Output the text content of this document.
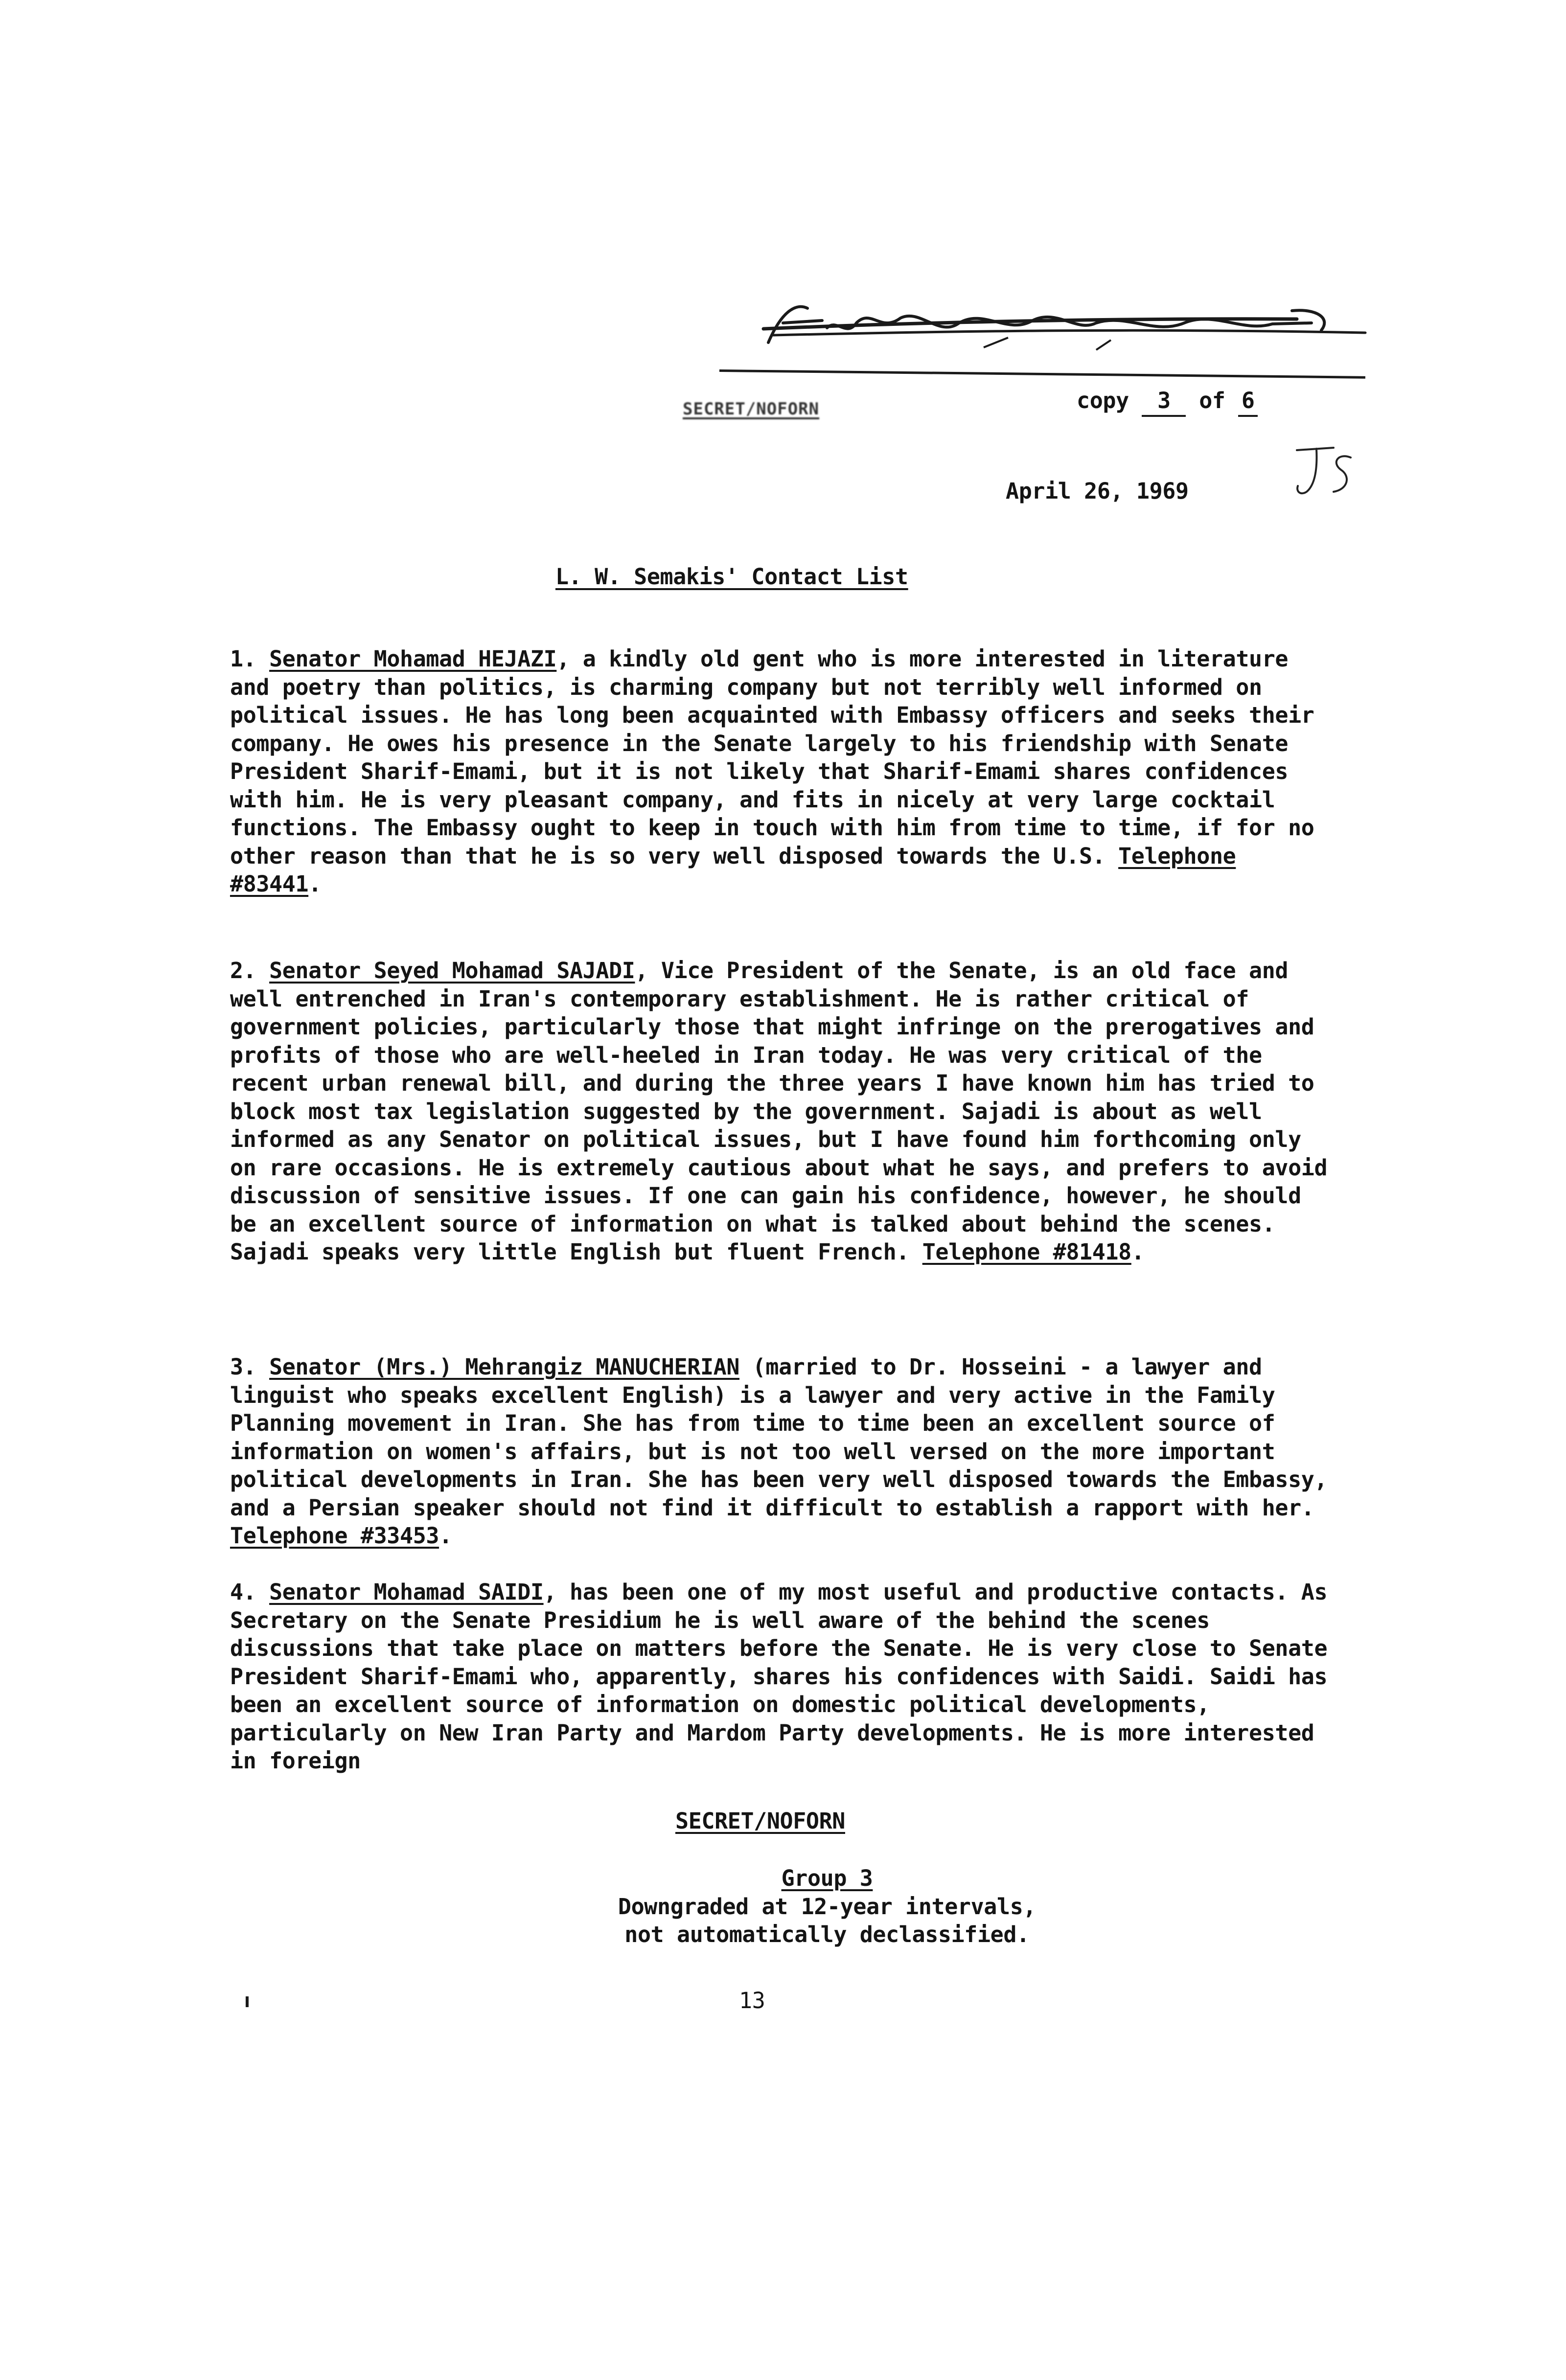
SECRET/NOFORN	copy 3 of 6
April 26, 1969
L. W. Semakis' Contact List

1. Senator Mohamad HEJAZI, a kindly old gent who is more interested in literature and poetry than politics, is charming company but not terribly well informed on political issues. He has long been acquainted with Embassy officers and seeks their company. He owes his presence in the Senate largely to his friendship with Senate President Sharif-Emami, but it is not likely that Sharif-Emami shares confidences with him. He is very pleasant company, and fits in nicely at very large cocktail functions. The Embassy ought to keep in touch with him from time to time, if for no other reason than that he is so very well disposed towards the U.S. Telephone #83441.

2. Senator Seyed Mohamad SAJADI, Vice President of the Senate, is an old face and well entrenched in Iran's contemporary establishment. He is rather critical of government policies, particularly those that might infringe on the prerogatives and profits of those who are well-heeled in Iran today. He was very critical of the recent urban renewal bill, and during the three years I have known him has tried to block most tax legislation suggested by the government. Sajadi is about as well informed as any Senator on political issues, but I have found him forthcoming only on rare occasions. He is extremely cautious about what he says, and prefers to avoid discussion of sensitive issues. If one can gain his confidence, however, he should be an excellent source of information on what is talked about behind the scenes. Sajadi speaks very little English but fluent French. Telephone #81418.

3. Senator (Mrs.) Mehrangiz MANUCHERIAN (married to Dr. Hosseini - a lawyer and linguist who speaks excellent English) is a lawyer and very active in the Family Planning movement in Iran. She has from time to time been an excellent source of information on women's affairs, but is not too well versed on the more important political developments in Iran. She has been very well disposed towards the Embassy, and a Persian speaker should not find it difficult to establish a rapport with her. Telephone #33453.

4. Senator Mohamad SAIDI, has been one of my most useful and productive contacts. As Secretary on the Senate Presidium he is well aware of the behind the scenes discussions that take place on matters before the Senate. He is very close to Senate President Sharif-Emami who, apparently, shares his confidences with Saidi. Saidi has been an excellent source of information on domestic political developments, particularly on New Iran Party and Mardom Party developments. He is more interested in foreign

SECRET/NOFORN
Group 3
Downgraded at 12-year intervals,
not automatically declassified.
13
